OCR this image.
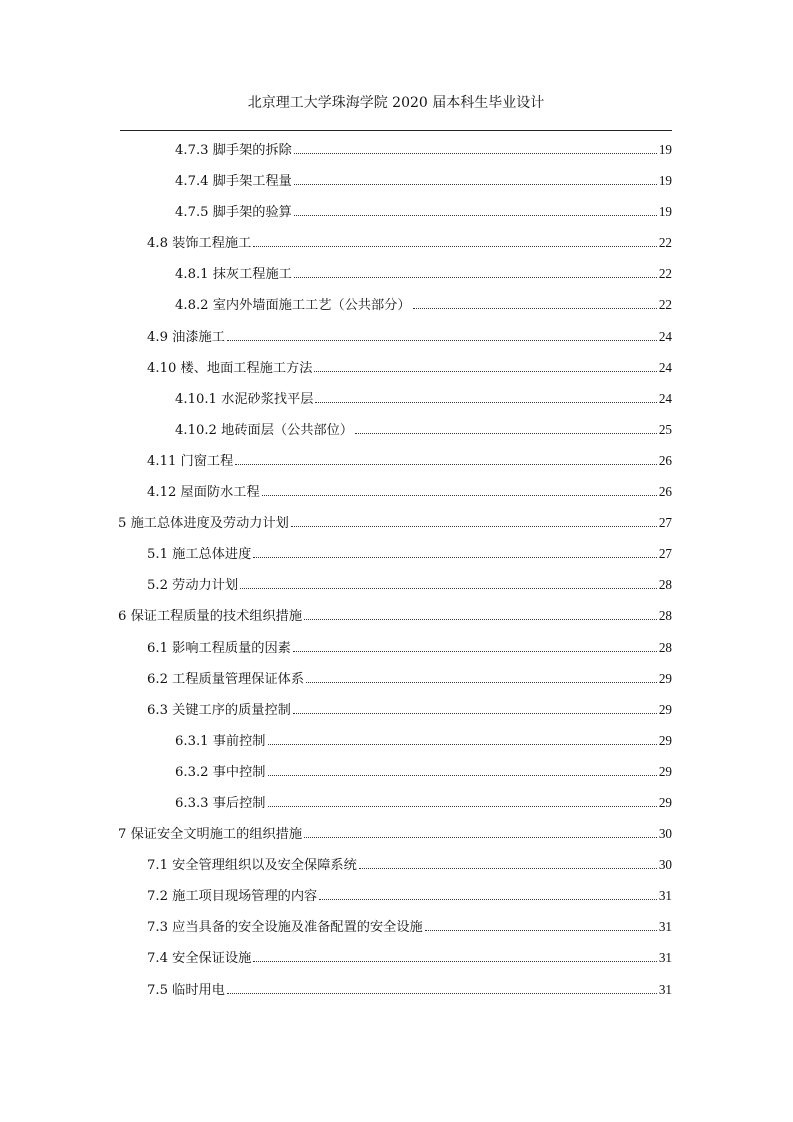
北京理工大学珠海学院 2020 届本科生毕业设计
4.7.3 脚手架的拆除	19
4.7.4 脚手架工程量	19
4.7.5 脚手架的验算	19
4.8 装饰工程施工	22
4.8.1 抹灰工程施工	22
4.8.2 室内外墙面施工工艺（公共部分）	22
4.9 油漆施工	24
4.10 楼、地面工程施工方法	24
4.10.1 水泥砂浆找平层	24
4.10.2 地砖面层（公共部位）	25
4.11 门窗工程	26
4.12 屋面防水工程	26
5 施工总体进度及劳动力计划	27
5.1 施工总体进度	27
5.2 劳动力计划	28
6 保证工程质量的技术组织措施	28
6.1 影响工程质量的因素	28
6.2 工程质量管理保证体系	29
6.3 关键工序的质量控制	29
6.3.1 事前控制	29
6.3.2 事中控制	29
6.3.3 事后控制	29
7 保证安全文明施工的组织措施	30
7.1 安全管理组织以及安全保障系统	30
7.2 施工项目现场管理的内容	31
7.3 应当具备的安全设施及准备配置的安全设施	31
7.4 安全保证设施	31
7.5 临时用电	31
